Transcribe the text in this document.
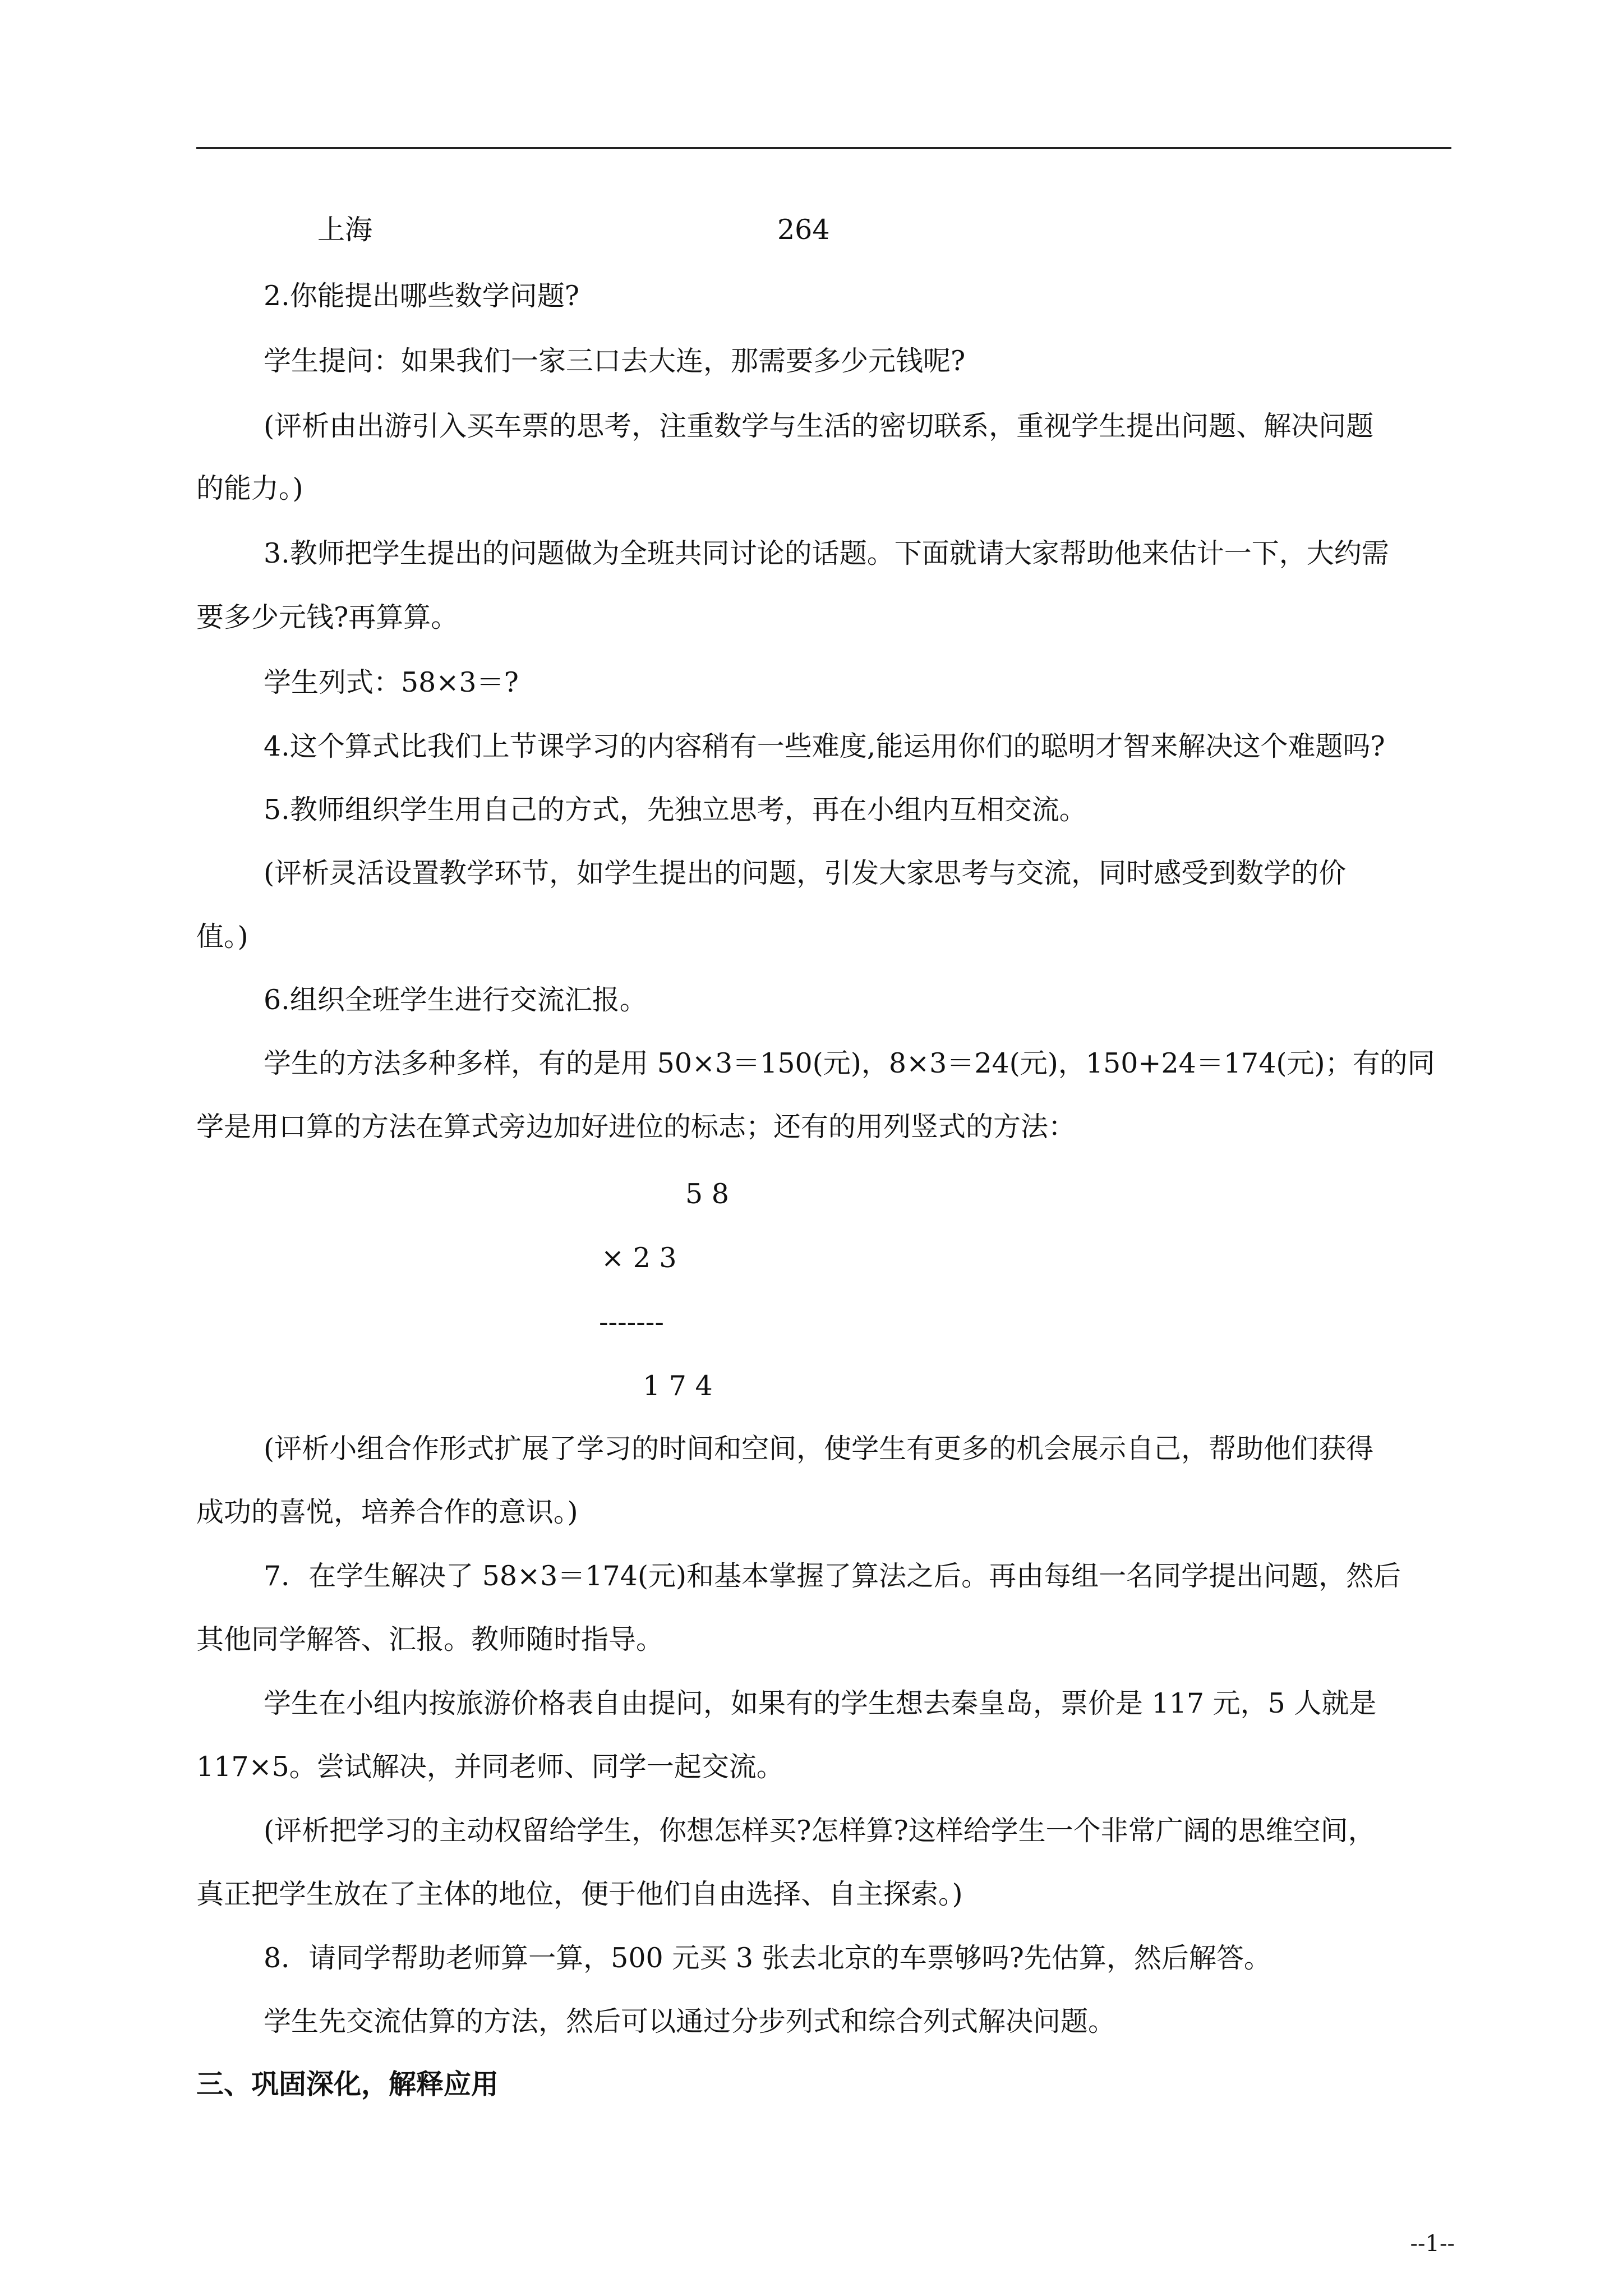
上海	264
2.你能提出哪些数学问题?
学生提问：如果我们一家三口去大连，那需要多少元钱呢?
(评析由出游引入买车票的思考，注重数学与生活的密切联系，重视学生提出问题、解决问题
的能力。)
3.教师把学生提出的问题做为全班共同讨论的话题。下面就请大家帮助他来估计一下，大约需
要多少元钱?再算算。
学生列式：58×3＝?
4.这个算式比我们上节课学习的内容稍有一些难度,能运用你们的聪明才智来解决这个难题吗?
5.教师组织学生用自己的方式，先独立思考，再在小组内互相交流。
(评析灵活设置教学环节，如学生提出的问题，引发大家思考与交流，同时感受到数学的价
值。)
6.组织全班学生进行交流汇报。
学生的方法多种多样，有的是用 50×3＝150(元)，8×3＝24(元)，150+24＝174(元)；有的同
学是用口算的方法在算式旁边加好进位的标志；还有的用列竖式的方法：
5 8
× 2 3
-------
1 7 4
(评析小组合作形式扩展了学习的时间和空间，使学生有更多的机会展示自己，帮助他们获得
成功的喜悦，培养合作的意识。)
7．在学生解决了 58×3＝174(元)和基本掌握了算法之后。再由每组一名同学提出问题，然后
其他同学解答、汇报。教师随时指导。
学生在小组内按旅游价格表自由提问，如果有的学生想去秦皇岛，票价是 117 元，5 人就是
117×5。尝试解决，并同老师、同学一起交流。
(评析把学习的主动权留给学生，你想怎样买?怎样算?这样给学生一个非常广阔的思维空间，
真正把学生放在了主体的地位，便于他们自由选择、自主探索。)
8．请同学帮助老师算一算，500 元买 3 张去北京的车票够吗?先估算，然后解答。
学生先交流估算的方法，然后可以通过分步列式和综合列式解决问题。
三、巩固深化，解释应用
--1--
